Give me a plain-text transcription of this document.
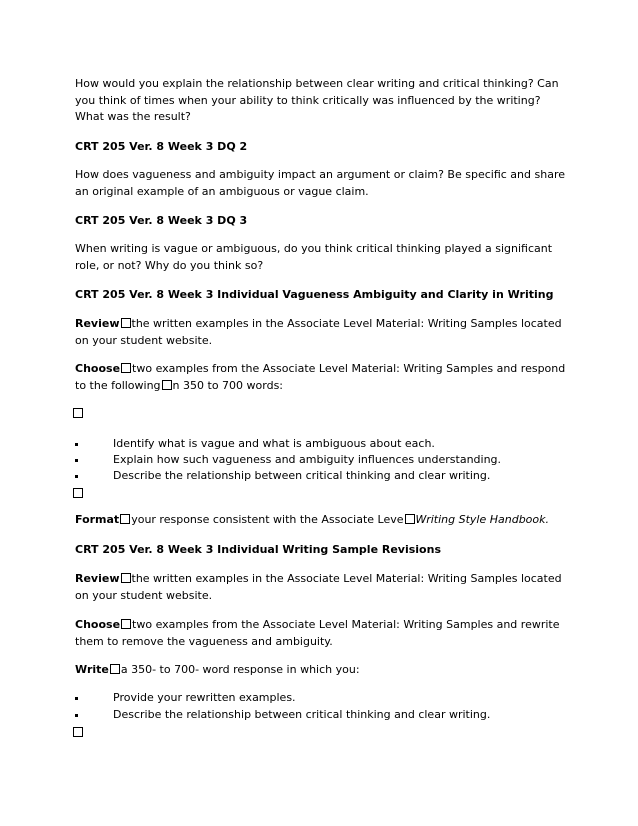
How would you explain the relationship between clear writing and critical thinking? Can
you think of times when your ability to think critically was influenced by the writing?
What was the result?
CRT 205 Ver. 8 Week 3 DQ 2
How does vagueness and ambiguity impact an argument or claim? Be specific and share
an original example of an ambiguous or vague claim.
CRT 205 Ver. 8 Week 3 DQ 3
When writing is vague or ambiguous, do you think critical thinking played a significant
role, or not? Why do you think so?
CRT 205 Ver. 8 Week 3 Individual Vagueness Ambiguity and Clarity in Writing
Review the written examples in the Associate Level Material: Writing Samples located
on your student website.
Choose two examples from the Associate Level Material: Writing Samples and respond
to the following n 350 to 700 words:
Identify what is vague and what is ambiguous about each.
Explain how such vagueness and ambiguity influences understanding.
Describe the relationship between critical thinking and clear writing.
Format your response consistent with the Associate Leve Writing Style Handbook.
CRT 205 Ver. 8 Week 3 Individual Writing Sample Revisions
Review the written examples in the Associate Level Material: Writing Samples located
on your student website.
Choose two examples from the Associate Level Material: Writing Samples and rewrite
them to remove the vagueness and ambiguity.
Write a 350- to 700- word response in which you:
Provide your rewritten examples.
Describe the relationship between critical thinking and clear writing.
